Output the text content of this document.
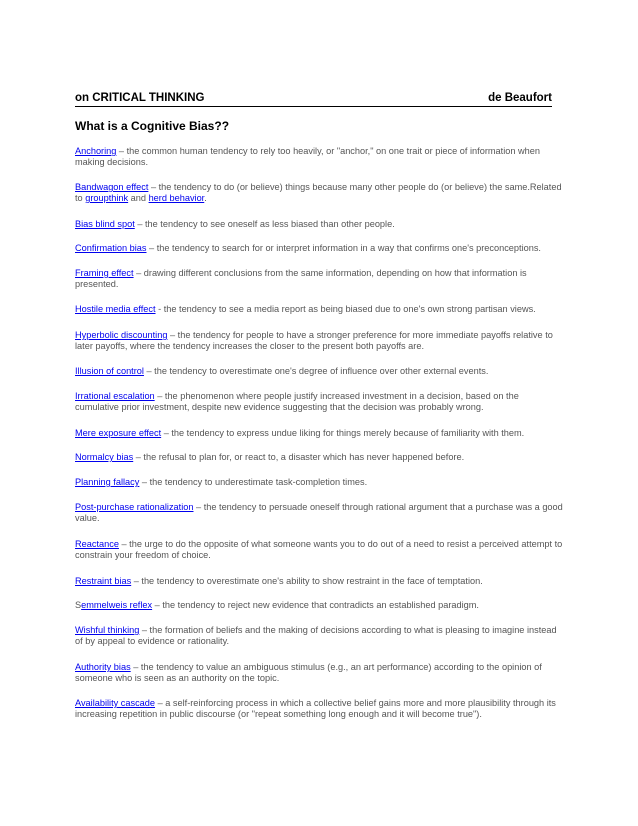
on CRITICAL THINKING	de Beaufort
What is a Cognitive Bias??

Anchoring – the common human tendency to rely too heavily, or "anchor," on one trait or piece of information when making decisions.

Bandwagon effect – the tendency to do (or believe) things because many other people do (or believe) the same.Related to groupthink and herd behavior.

Bias blind spot – the tendency to see oneself as less biased than other people.

Confirmation bias – the tendency to search for or interpret information in a way that confirms one's preconceptions.

Framing effect – drawing different conclusions from the same information, depending on how that information is presented.

Hostile media effect - the tendency to see a media report as being biased due to one's own strong partisan views.

Hyperbolic discounting – the tendency for people to have a stronger preference for more immediate payoffs relative to later payoffs, where the tendency increases the closer to the present both payoffs are.

Illusion of control – the tendency to overestimate one's degree of influence over other external events.

Irrational escalation – the phenomenon where people justify increased investment in a decision, based on the cumulative prior investment, despite new evidence suggesting that the decision was probably wrong.

Mere exposure effect – the tendency to express undue liking for things merely because of familiarity with them.

Normalcy bias – the refusal to plan for, or react to, a disaster which has never happened before.

Planning fallacy – the tendency to underestimate task-completion times.

Post-purchase rationalization – the tendency to persuade oneself through rational argument that a purchase was a good value.

Reactance – the urge to do the opposite of what someone wants you to do out of a need to resist a perceived attempt to constrain your freedom of choice.

Restraint bias – the tendency to overestimate one's ability to show restraint in the face of temptation.

Semmelweis reflex – the tendency to reject new evidence that contradicts an established paradigm.

Wishful thinking – the formation of beliefs and the making of decisions according to what is pleasing to imagine instead of by appeal to evidence or rationality.

Authority bias – the tendency to value an ambiguous stimulus (e.g., an art performance) according to the opinion of someone who is seen as an authority on the topic.

Availability cascade – a self-reinforcing process in which a collective belief gains more and more plausibility through its increasing repetition in public discourse (or "repeat something long enough and it will become true").
